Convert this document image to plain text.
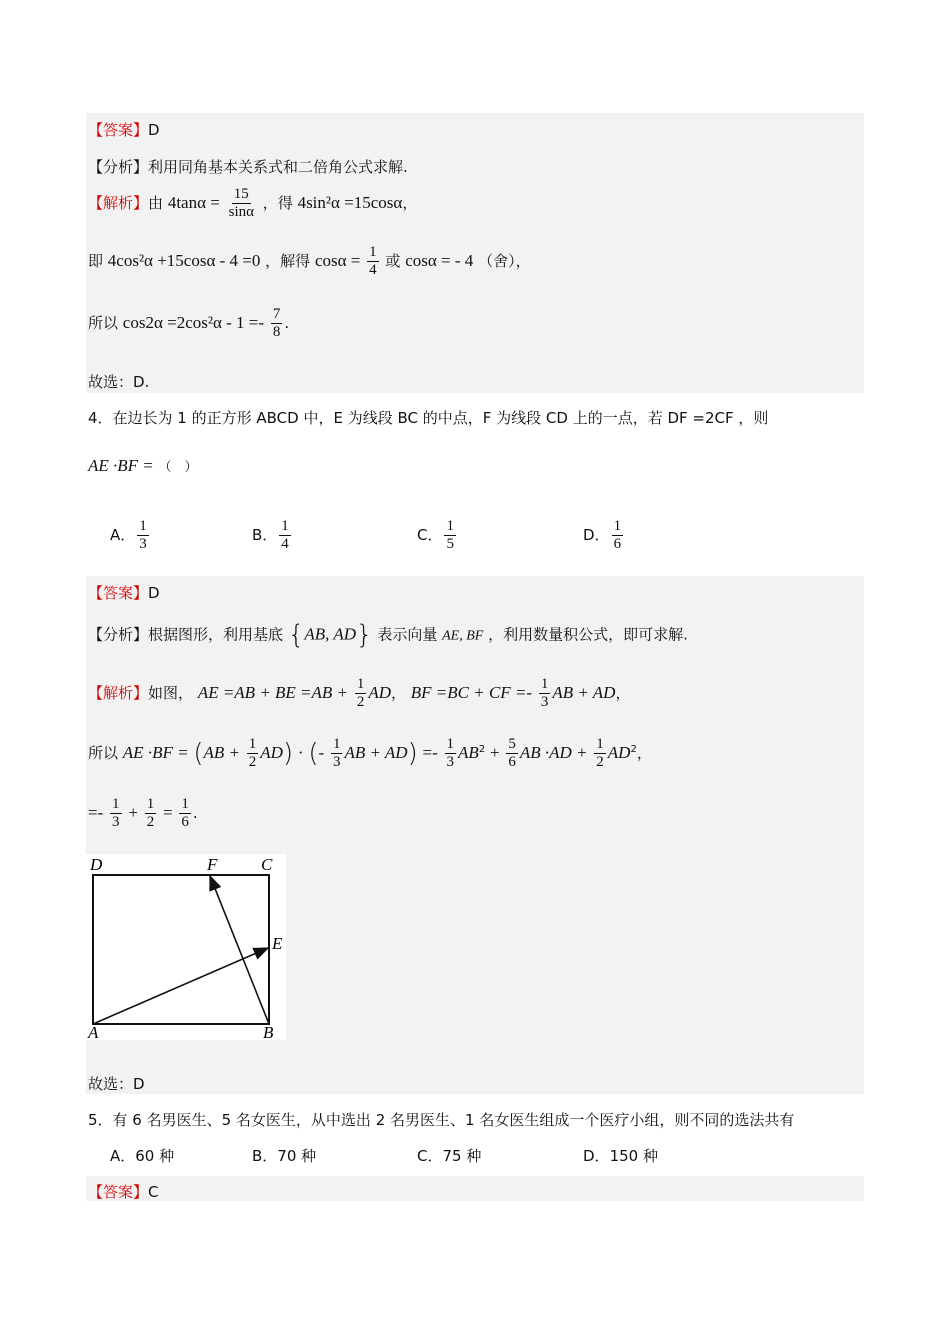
【答案】D
【分析】利用同角基本关系式和二倍角公式求解.
【解析】由 $4\tan\alpha = \frac{15}{\sin\alpha}$ ，得 4sin²α =15cosα，
即 4cos²α +15cosα - 4 =0 ，解得 $\cos\alpha = \frac{1}{4}$ 或 cosα = - 4 （舍），
所以 $\cos 2\alpha =2\cos^2\alpha - 1 =- \frac{7}{8}$ .
故选：D.
4．在边长为 1 的正方形 ABCD 中，E 为线段 BC 的中点，F 为线段 CD 上的一点，若 DF =2CF ，则
AE ·BF = （　）
A． $\frac{1}{3}$	B． $\frac{1}{4}$	C． $\frac{1}{5}$	D． $\frac{1}{6}$
【答案】D
【分析】根据图形，利用基底 {AB, AD} 表示向量 AE, BF ，利用数量积公式，即可求解.
【解析】如图， AE =AB + BE $=AB + \frac{1}{2}$ AD， BF =BC + CF =- $\frac{1}{3}$ AB + AD，
所以 AE $\cdot BF = (AB + \frac{1}{2} AD)$ · (- $\frac{1}{3}$ AB + $AD) =- \frac{1}{3} AB^2 + \frac{5}{6}$ AB $\cdot AD + \frac{1}{2} AD^2$，
=- $\frac{1}{3} + \frac{1}{2} = \frac{1}{6}$ .
D	F	C
E
A	B
故选：D
5．有 6 名男医生、5 名女医生，从中选出 2 名男医生、1 名女医生组成一个医疗小组，则不同的选法共有
A．60 种	B．70 种	C．75 种	D．150 种
【答案】C
